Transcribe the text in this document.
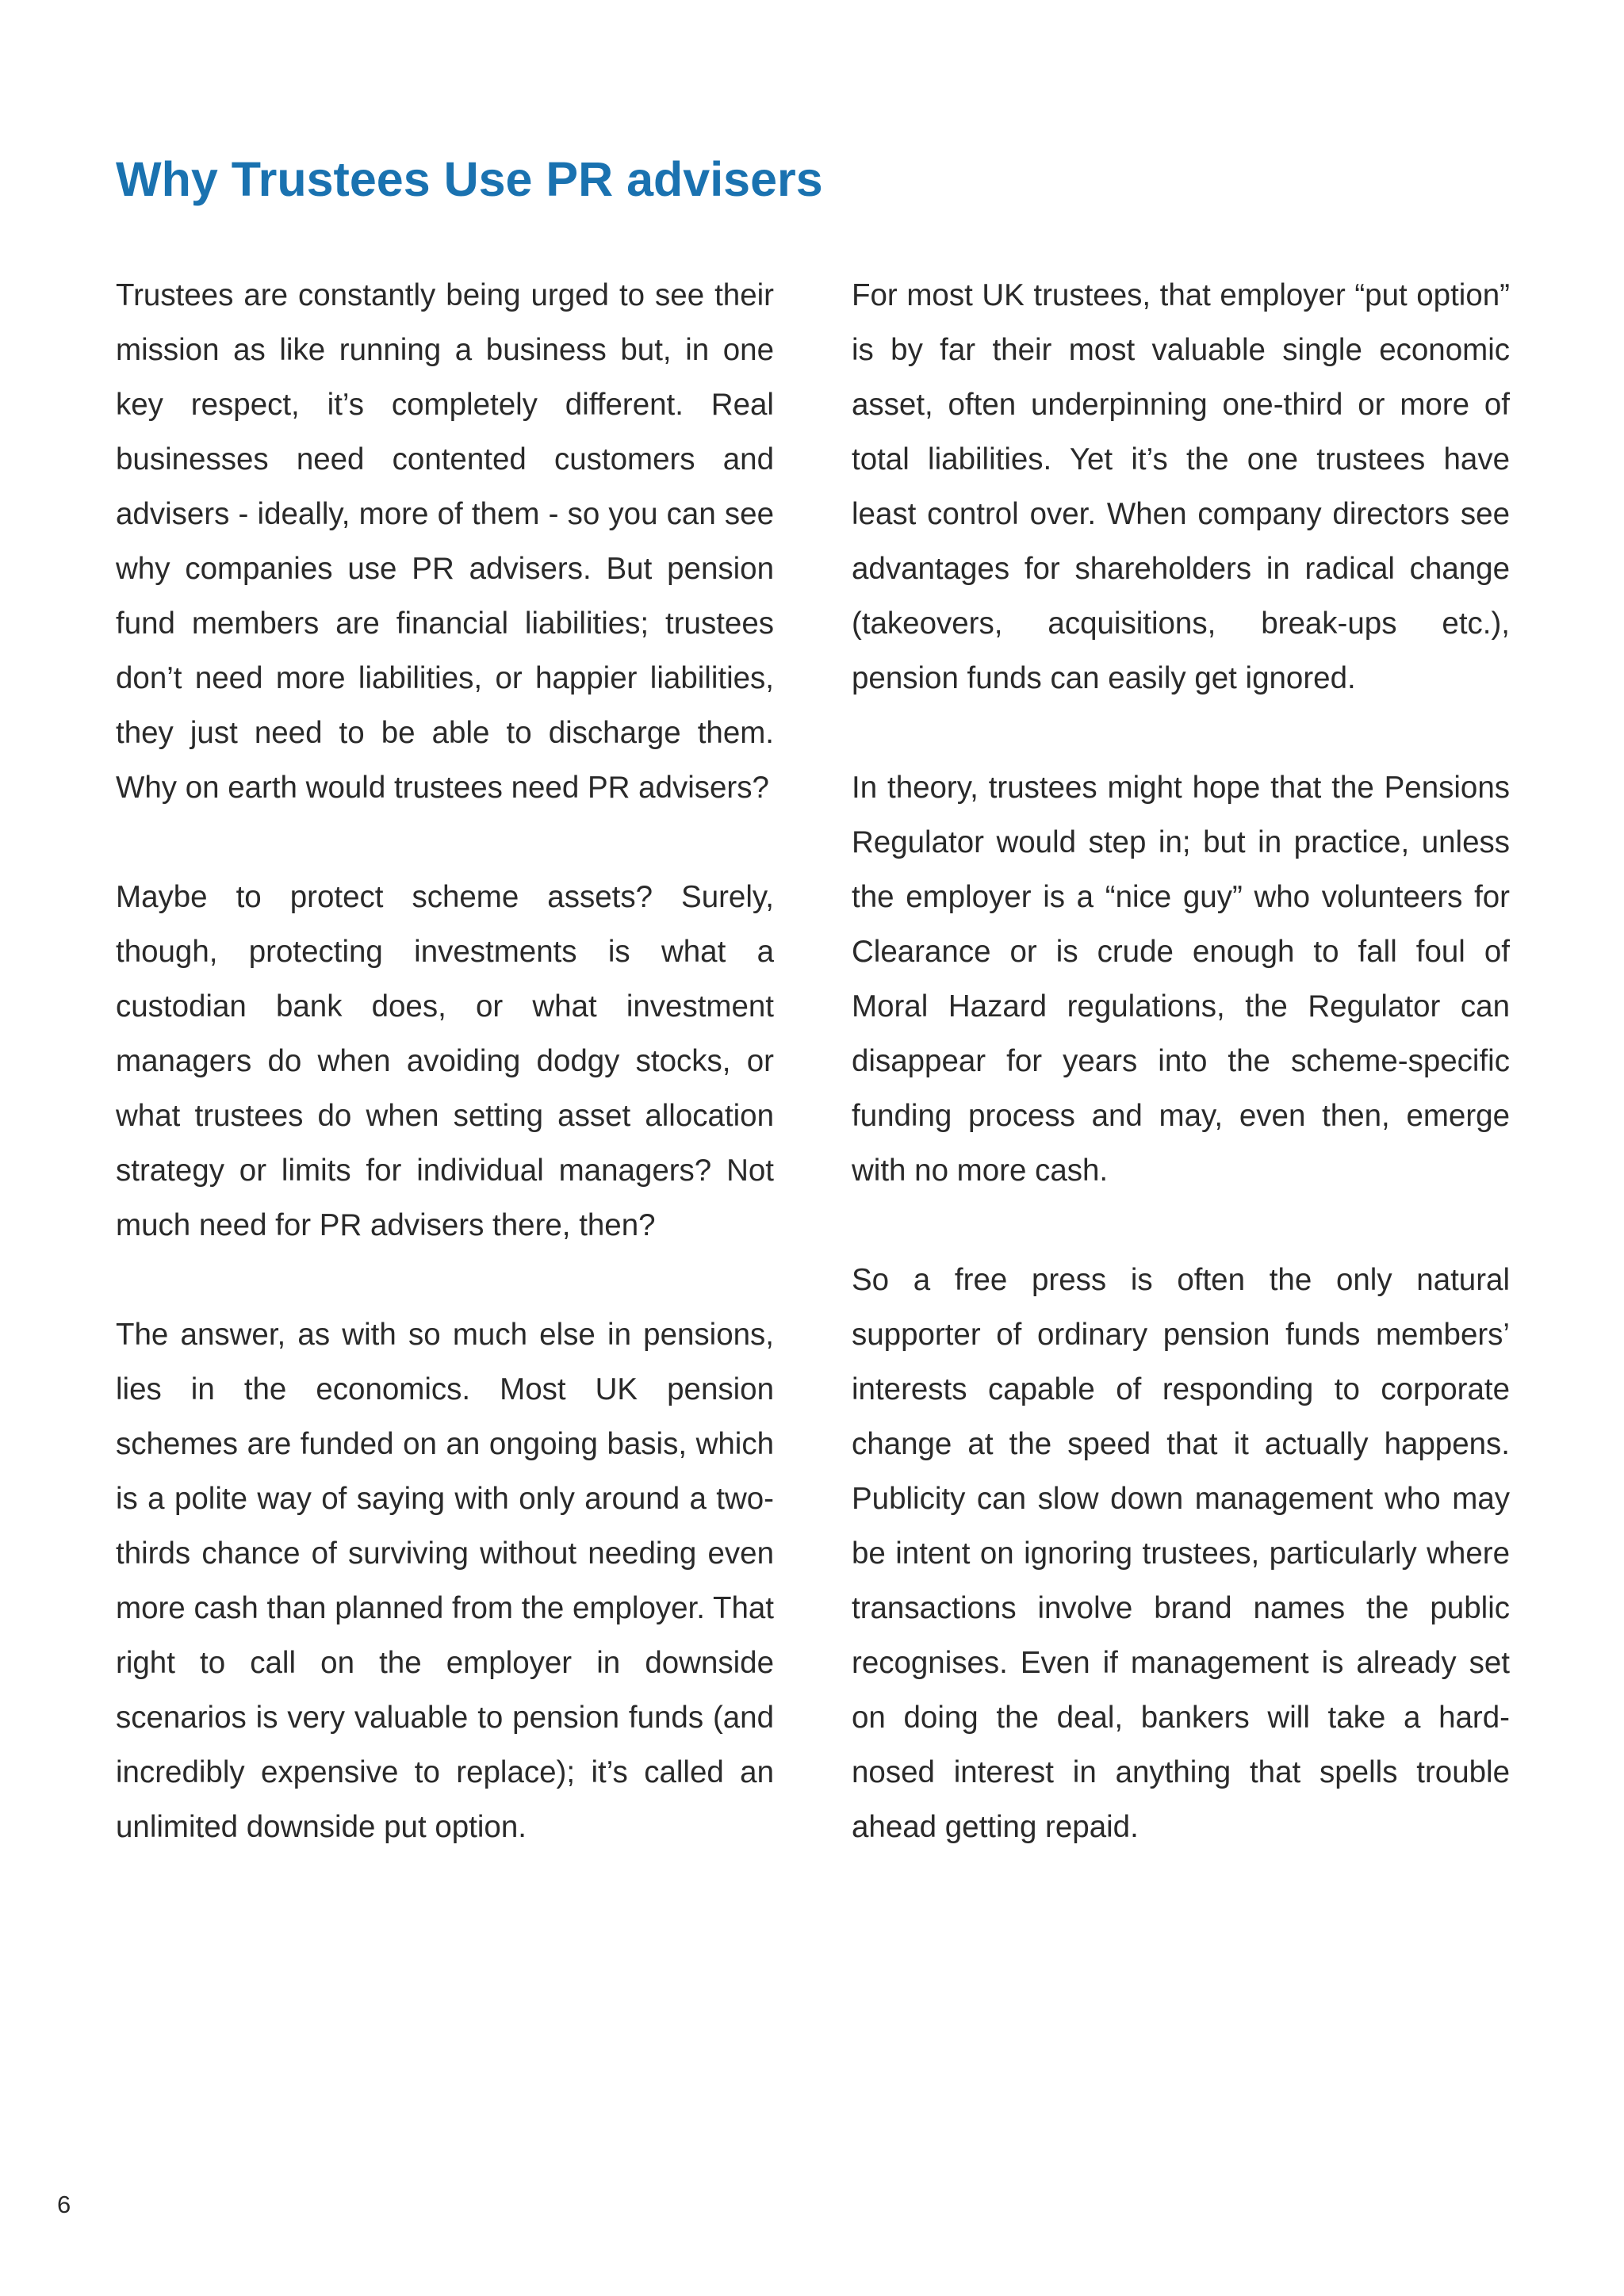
Why Trustees Use PR advisers

Trustees are constantly being urged to see their mission as like running a business but, in one key respect, it’s completely different. Real businesses need contented customers and advisers - ideally, more of them - so you can see why companies use PR advisers. But pension fund members are financial liabilities; trustees don’t need more liabilities, or happier liabilities, they just need to be able to discharge them. Why on earth would trustees need PR advisers?

Maybe to protect scheme assets? Surely, though, protecting investments is what a custodian bank does, or what investment managers do when avoiding dodgy stocks, or what trustees do when setting asset allocation strategy or limits for individual managers? Not much need for PR advisers there, then?

The answer, as with so much else in pensions, lies in the economics. Most UK pension schemes are funded on an ongoing basis, which is a polite way of saying with only around a two-thirds chance of surviving without needing even more cash than planned from the employer. That right to call on the employer in downside scenarios is very valuable to pension funds (and incredibly expensive to replace); it’s called an unlimited downside put option.

For most UK trustees, that employer “put option” is by far their most valuable single economic asset, often underpinning one-third or more of total liabilities. Yet it’s the one trustees have least control over. When company directors see advantages for shareholders in radical change (takeovers, acquisitions, break-ups etc.), pension funds can easily get ignored.

In theory, trustees might hope that the Pensions Regulator would step in; but in practice, unless the employer is a “nice guy” who volunteers for Clearance or is crude enough to fall foul of Moral Hazard regulations, the Regulator can disappear for years into the scheme-specific funding process and may, even then, emerge with no more cash.

So a free press is often the only natural supporter of ordinary pension funds members’ interests capable of responding to corporate change at the speed that it actually happens. Publicity can slow down management who may be intent on ignoring trustees, particularly where transactions involve brand names the public recognises. Even if management is already set on doing the deal, bankers will take a hard-nosed interest in anything that spells trouble ahead getting repaid.

6
